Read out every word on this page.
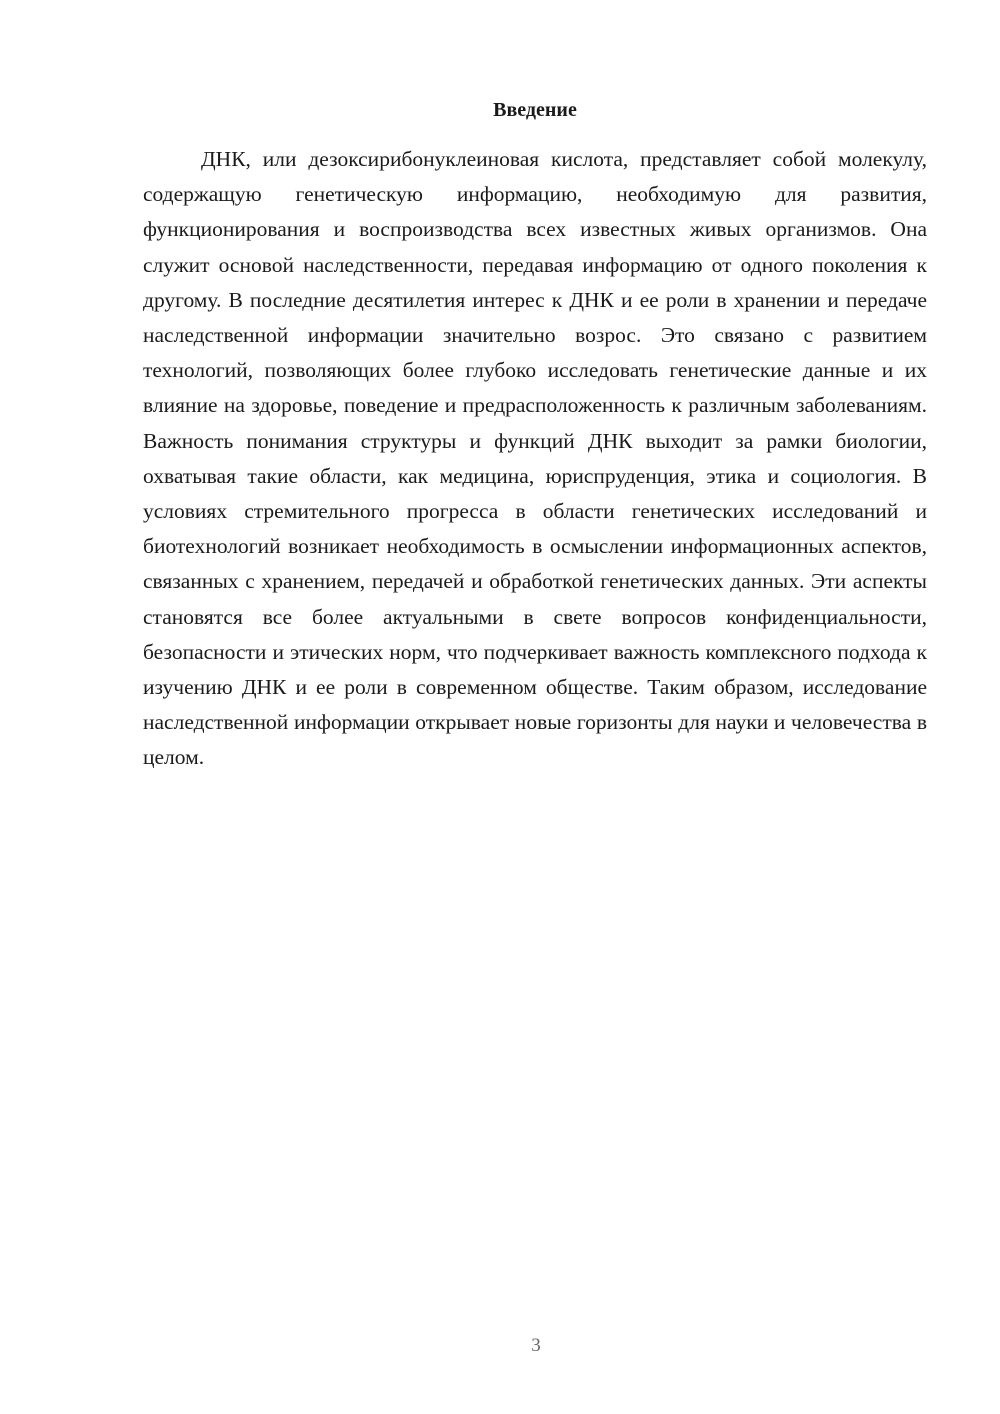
Введение

ДНК, или дезоксирибонуклеиновая кислота, представляет собой молекулу, содержащую генетическую информацию, необходимую для развития, функционирования и воспроизводства всех известных живых организмов. Она служит основой наследственности, передавая информацию от одного поколения к другому. В последние десятилетия интерес к ДНК и ее роли в хранении и передаче наследственной информации значительно возрос. Это связано с развитием технологий, позволяющих более глубоко исследовать генетические данные и их влияние на здоровье, поведение и предрасположенность к различным заболеваниям. Важность понимания структуры и функций ДНК выходит за рамки биологии, охватывая такие области, как медицина, юриспруденция, этика и социология. В условиях стремительного прогресса в области генетических исследований и биотехнологий возникает необходимость в осмыслении информационных аспектов, связанных с хранением, передачей и обработкой генетических данных. Эти аспекты становятся все более актуальными в свете вопросов конфиденциальности, безопасности и этических норм, что подчеркивает важность комплексного подхода к изучению ДНК и ее роли в современном обществе. Таким образом, исследование наследственной информации открывает новые горизонты для науки и человечества в целом.

3
